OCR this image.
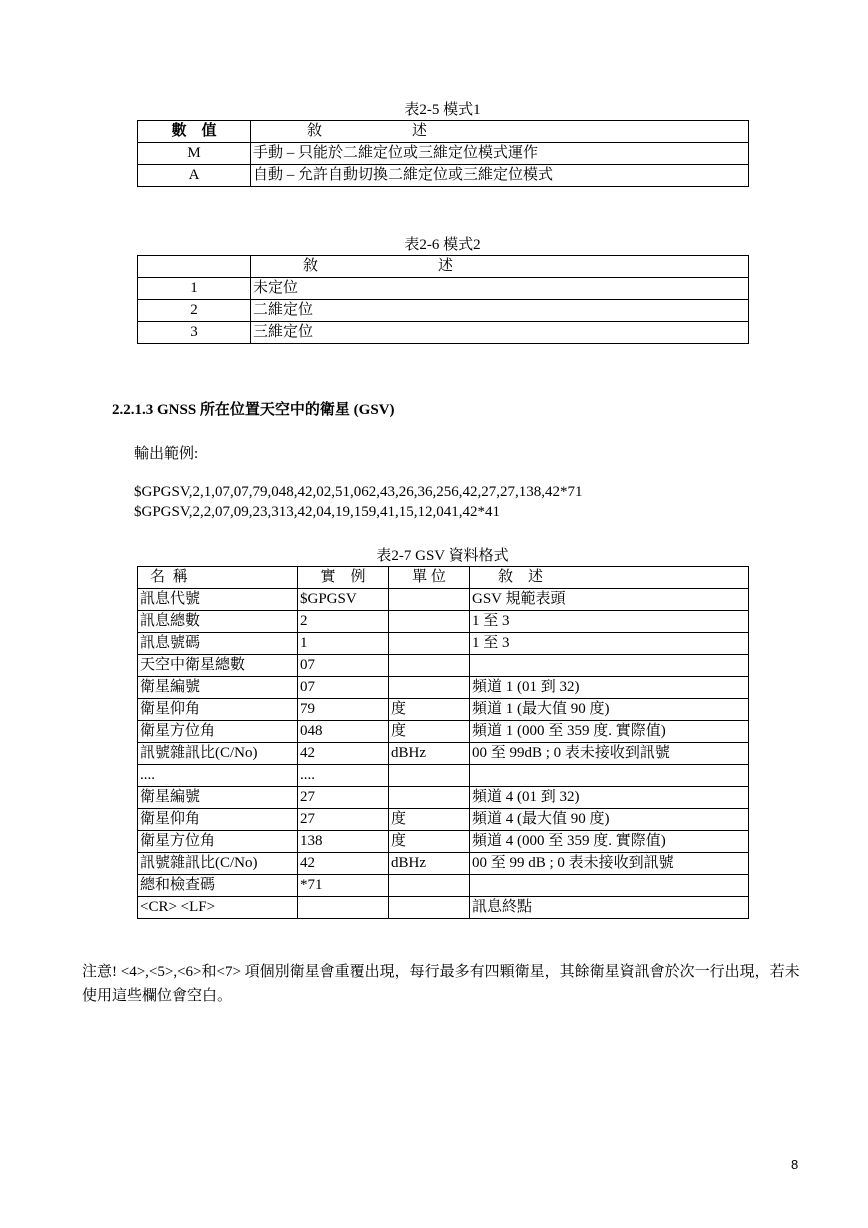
表2-5 模式1
數　值	敘　　　　　　述
M	手動 – 只能於二維定位或三維定位模式運作
A	自動 – 允許自動切換二維定位或三維定位模式
表2-6 模式2
	敘　　　　　　　　述
1	未定位
2	二維定位
3	三維定位
2.2.1.3 GNSS 所在位置天空中的衛星 (GSV)
輸出範例:
$GPGSV,2,1,07,07,79,048,42,02,51,062,43,26,36,256,42,27,27,138,42*71
$GPGSV,2,2,07,09,23,313,42,04,19,159,41,15,12,041,42*41
表2-7 GSV 資料格式
名 稱	實　例	單 位	敘　述
訊息代號	$GPGSV		GSV 規範表頭
訊息總數	2		1 至 3
訊息號碼	1		1 至 3
天空中衛星總數	07		
衛星編號	07		頻道 1 (01 到 32)
衛星仰角	79	度	頻道 1 (最大值 90 度)
衛星方位角	048	度	頻道 1 (000 至 359 度. 實際值)
訊號雜訊比(C/No)	42	dBHz	00 至 99dB ; 0 表未接收到訊號
....	....		
衛星編號	27		頻道 4 (01 到 32)
衛星仰角	27	度	頻道 4 (最大值 90 度)
衛星方位角	138	度	頻道 4 (000 至 359 度. 實際值)
訊號雜訊比(C/No)	42	dBHz	00 至 99 dB ; 0 表未接收到訊號
總和檢查碼	*71		
<CR> <LF>			訊息終點
注意! <4>,<5>,<6>和<7> 項個別衛星會重覆出現，每行最多有四顆衛星，其餘衛星資訊會於次一行出現，若未使用這些欄位會空白。
8
